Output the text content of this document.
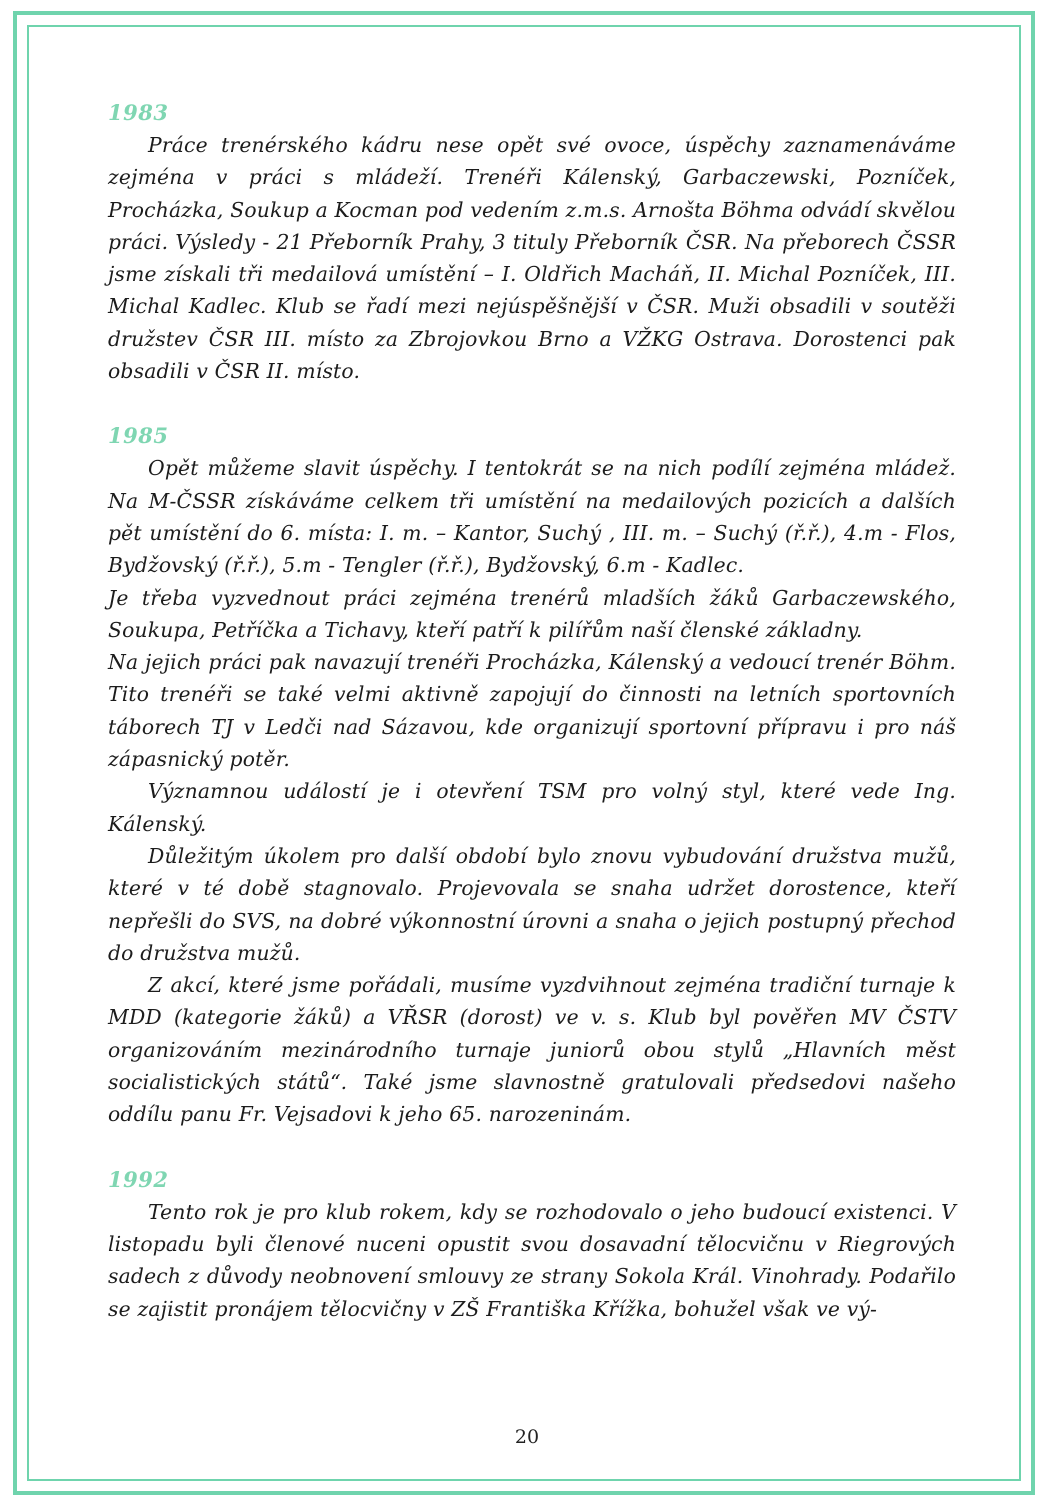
1983

Práce trenérského kádru nese opět své ovoce, úspěchy zaznamenáváme zejména v práci s mládeží. Trenéři Kálenský, Garbaczewski, Pozníček, Procházka, Soukup a Kocman pod vedením z.m.s. Arnošta Böhma odvádí skvělou práci. Výsledy - 21 Přeborník Prahy, 3 tituly Přeborník ČSR. Na přeborech ČSSR jsme získali tři medailová umístění – I. Oldřich Macháň, II. Michal Pozníček, III. Michal Kadlec. Klub se řadí mezi nejúspěšnější v ČSR. Muži obsadili v soutěži družstev ČSR III. místo za Zbrojovkou Brno a VŽKG Ostrava. Dorostenci pak obsadili v ČSR II. místo.

1985

Opět můžeme slavit úspěchy. I tentokrát se na nich podílí zejména mládež. Na M-ČSSR získáváme celkem tři umístění na medailových pozicích a dalších pět umístění do 6. místa: I. m. – Kantor, Suchý , III. m. – Suchý (ř.ř.), 4.m - Flos, Bydžovský (ř.ř.), 5.m - Tengler (ř.ř.), Bydžovský, 6.m - Kadlec.

Je třeba vyzvednout práci zejména trenérů mladších žáků Garbaczewského, Soukupa, Petříčka a Tichavy, kteří patří k pilířům naší členské základny.

Na jejich práci pak navazují trenéři Procházka, Kálenský a vedoucí trenér Böhm. Tito trenéři se také velmi aktivně zapojují do činnosti na letních sportovních táborech TJ v Ledči nad Sázavou, kde organizují sportovní přípravu i pro náš zápasnický potěr.

Významnou událostí je i otevření TSM pro volný styl, které vede Ing. Kálenský.

Důležitým úkolem pro další období bylo znovu vybudování družstva mužů, které v té době stagnovalo. Projevovala se snaha udržet dorostence, kteří nepřešli do SVS, na dobré výkonnostní úrovni a snaha o jejich postupný přechod do družstva mužů.

Z akcí, které jsme pořádali, musíme vyzdvihnout zejména tradiční turnaje k MDD (kategorie žáků) a VŘSR (dorost) ve v. s. Klub byl pověřen MV ČSTV organizováním mezinárodního turnaje juniorů obou stylů „Hlavních měst socialistických států“. Také jsme slavnostně gratulovali předsedovi našeho oddílu panu Fr. Vejsadovi k jeho 65. narozeninám.

1992

Tento rok je pro klub rokem, kdy se rozhodovalo o jeho budoucí existenci. V listopadu byli členové nuceni opustit svou dosavadní tělocvičnu v Riegrových sadech z důvody neobnovení smlouvy ze strany Sokola Král. Vinohrady. Podařilo se zajistit pronájem tělocvičny v ZŠ Františka Křížka, bohužel však ve vý-

20
